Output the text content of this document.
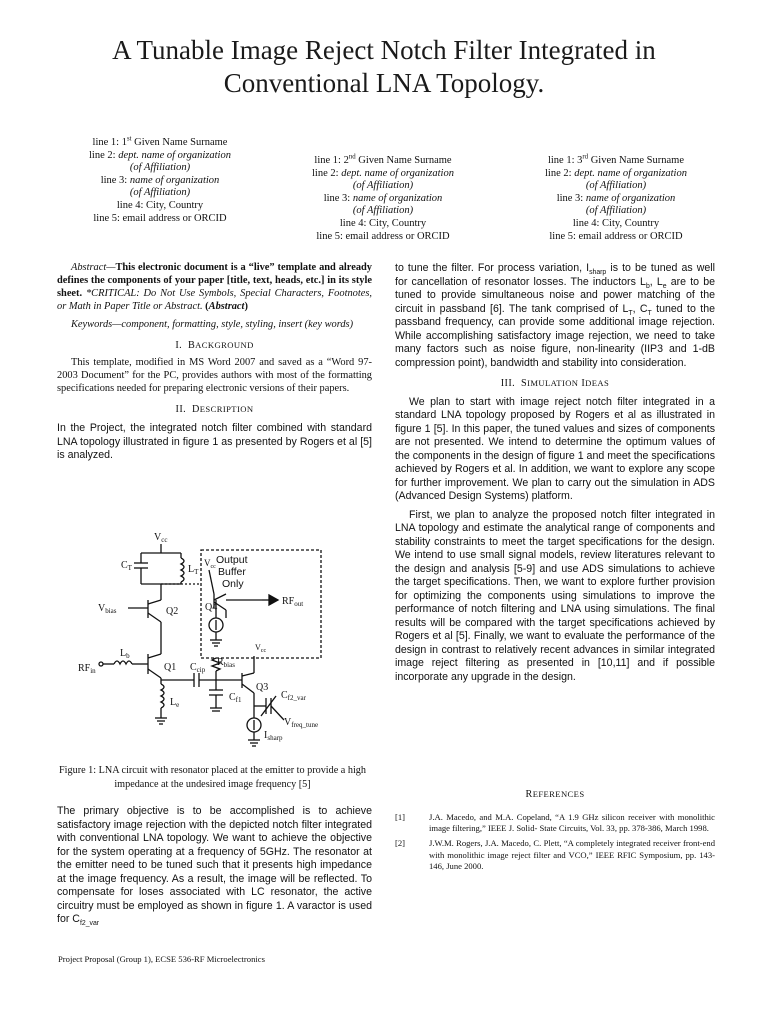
A Tunable Image Reject Notch Filter Integrated in Conventional LNA Topology.
line 1: 1st Given Name Surname
line 2: dept. name of organization
(of Affiliation)
line 3: name of organization
(of Affiliation)
line 4: City, Country
line 5: email address or ORCID
line 1: 2nd Given Name Surname
line 2: dept. name of organization
(of Affiliation)
line 3: name of organization
(of Affiliation)
line 4: City, Country
line 5: email address or ORCID
line 1: 3rd Given Name Surname
line 2: dept. name of organization
(of Affiliation)
line 3: name of organization
(of Affiliation)
line 4: City, Country
line 5: email address or ORCID

Abstract—This electronic document is a “live” template and already defines the components of your paper [title, text, heads, etc.] in its style sheet. *CRITICAL: Do Not Use Symbols, Special Characters, Footnotes, or Math in Paper Title or Abstract. (Abstract)

Keywords—component, formatting, style, styling, insert (key words)

I. BACKGROUND

This template, modified in MS Word 2007 and saved as a “Word 97-2003 Document” for the PC, provides authors with most of the formatting specifications needed for preparing electronic versions of their papers.

II. DESCRIPTION

In the Project, the integrated notch filter combined with standard LNA topology illustrated in figure 1 as presented by Rogers et al [5] is analyzed.

$V_{cc}$
$C_T$	$L_T$
Output
Buffer
Only
$V_{cc}$
Q4
$RF_{out}$
$V_{bias}$	Q2
Q1
$RF_{in}$
$L_b$
$L_e$
$C_{cip}$
$R_{bias}$
$C_{f1}$
$V_{cc}$
Q3
$C_{f2\_var}$
$V_{freq\_tune}$
$I_{sharp}$
Figure 1: LNA circuit with resonator placed at the emitter to provide a high impedance at the undesired image frequency [5]

The primary objective is to be accomplished is to achieve satisfactory image rejection with the depicted notch filter integrated with conventional LNA topology. We want to achieve the objective for the system operating at a frequency of 5GHz. The resonator at the emitter need to be tuned such that it presents high impedance at the image frequency. As a result, the image will be reflected. To compensate for loses associated with LC resonator, the active circuitry must be employed as shown in figure 1. A varactor is used for $C_{f2\_var}$

to tune the filter. For process variation, $I_{sharp}$ is to be tuned as well for cancellation of resonator losses. The inductors $L_b$, $L_e$ are to be tuned to provide simultaneous noise and power matching of the circuit in passband [6]. The tank comprised of $L_T$, $C_T$ tuned to the passband frequency, can provide some additional image rejection. While accomplishing satisfactory image rejection, we need to take many factors such as noise figure, non-linearity (IIP3 and 1-dB compression point), bandwidth and stability into consideration.

III. SIMULATION IDEAS

We plan to start with image reject notch filter integrated in a standard LNA topology proposed by Rogers et al as illustrated in figure 1 [5]. In this paper, the tuned values and sizes of components are not presented. We intend to determine the optimum values of the components in the design of figure 1 and meet the specifications achieved by Rogers et al. In addition, we want to explore any scope for further improvement. We plan to carry out the simulation in ADS (Advanced Design Systems) platform.

First, we plan to analyze the proposed notch filter integrated in LNA topology and estimate the analytical range of components and stability constraints to meet the target specifications for the design. We intend to use small signal models, review literatures relevant to the design and analysis [5-9] and use ADS simulations to achieve the target specifications. Then, we want to explore further provision for optimizing the components using simulations to improve the performance of notch filtering and LNA using simulations. The final results will be compared with the target specifications achieved by Rogers et al [5]. Finally, we want to evaluate the performance of the design in contrast to relatively recent advances in similar integrated image reject filtering as presented in [10,11] and if possible incorporate any upgrade in the design.

REFERENCES
[1]	J.A. Macedo, and M.A. Copeland, “A 1.9 GHz silicon receiver with monolithic image filtering,” IEEE J. Solid- State Circuits, Vol. 33, pp. 378-386, March 1998.
[2]	J.W.M. Rogers, J.A. Macedo, C. Plett, “A completely integrated receiver front-end with monolithic image reject filter and VCO,” IEEE RFIC Symposium, pp. 143-146, June 2000.
Project Proposal (Group 1), ECSE 536-RF Microelectronics
